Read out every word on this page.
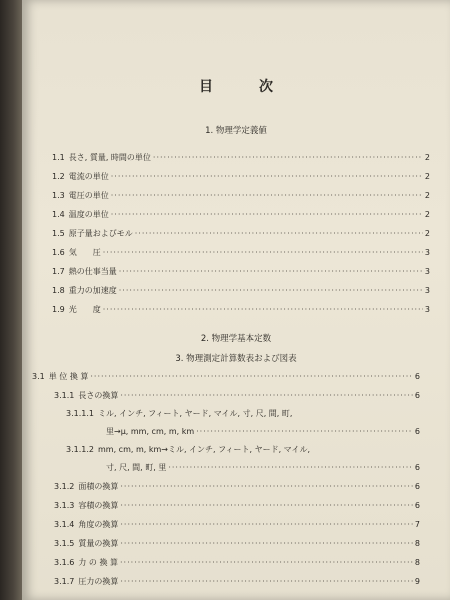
目	次
1. 物理学定義値
1.1 長さ, 質量, 時間の単位 ·····	2
1.2 電流の単位 ·····	2
1.3 電圧の単位 ·····	2
1.4 温度の単位 ·····	2
1.5 原子量およびモル ·····	2
1.6 気　　圧 ·····	3
1.7 熱の仕事当量 ·····	3
1.8 重力の加速度 ·····	3
1.9 光　　度 ·····	3
2. 物理学基本定数
3. 物理測定計算数表および図表
3.1 単 位 換 算 ·····	6
3.1.1 長さの換算 ·····	6
3.1.1.1 ミル, インチ, フィート, ヤード, マイル, 寸, 尺, 間, 町,
里→μ, mm, cm, m, km ·····	6
3.1.1.2 mm, cm, m, km→ミル, インチ, フィート, ヤード, マイル,
寸, 尺, 間, 町, 里 ·····	6
3.1.2 面積の換算 ·····	6
3.1.3 容積の換算 ·····	6
3.1.4 角度の換算 ·····	7
3.1.5 質量の換算 ·····	8
3.1.6 力 の 換 算 ·····	8
3.1.7 圧力の換算 ·····	9
